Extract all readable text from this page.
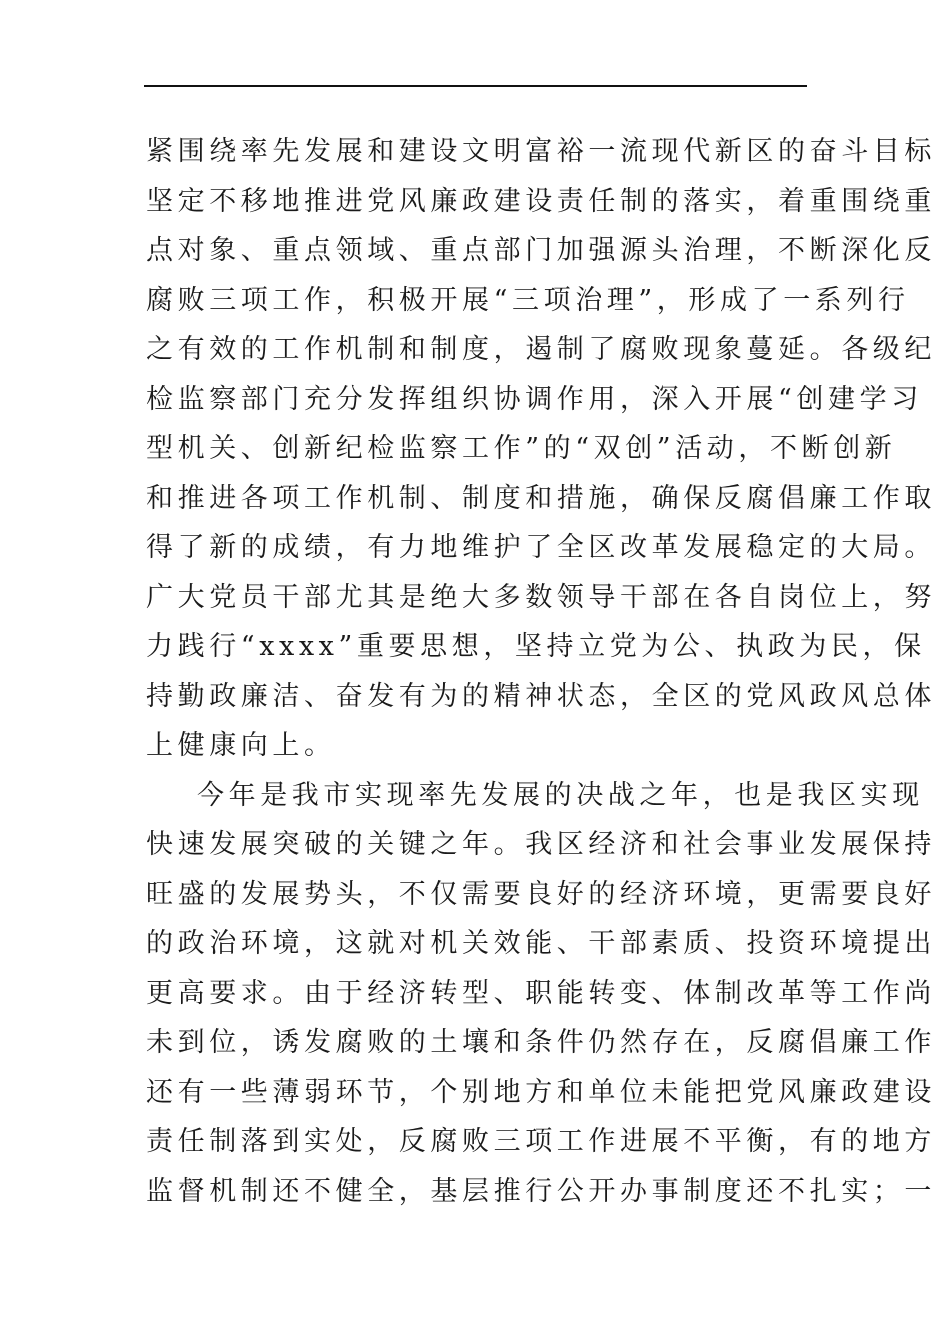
紧围绕率先发展和建设文明富裕一流现代新区的奋斗目标
坚定不移地推进党风廉政建设责任制的落实，着重围绕重
点对象、重点领域、重点部门加强源头治理，不断深化反
腐败三项工作，积极开展“三项治理”，形成了一系列行
之有效的工作机制和制度，遏制了腐败现象蔓延。各级纪
检监察部门充分发挥组织协调作用，深入开展“创建学习
型机关、创新纪检监察工作”的“双创”活动，不断创新
和推进各项工作机制、制度和措施，确保反腐倡廉工作取
得了新的成绩，有力地维护了全区改革发展稳定的大局。
广大党员干部尤其是绝大多数领导干部在各自岗位上，努
力践行“xxxx”重要思想，坚持立党为公、执政为民，保
持勤政廉洁、奋发有为的精神状态，全区的党风政风总体
上健康向上。
今年是我市实现率先发展的决战之年，也是我区实现
快速发展突破的关键之年。我区经济和社会事业发展保持
旺盛的发展势头，不仅需要良好的经济环境，更需要良好
的政治环境，这就对机关效能、干部素质、投资环境提出
更高要求。由于经济转型、职能转变、体制改革等工作尚
未到位，诱发腐败的土壤和条件仍然存在，反腐倡廉工作
还有一些薄弱环节，个别地方和单位未能把党风廉政建设
责任制落到实处，反腐败三项工作进展不平衡，有的地方
监督机制还不健全，基层推行公开办事制度还不扎实；一
